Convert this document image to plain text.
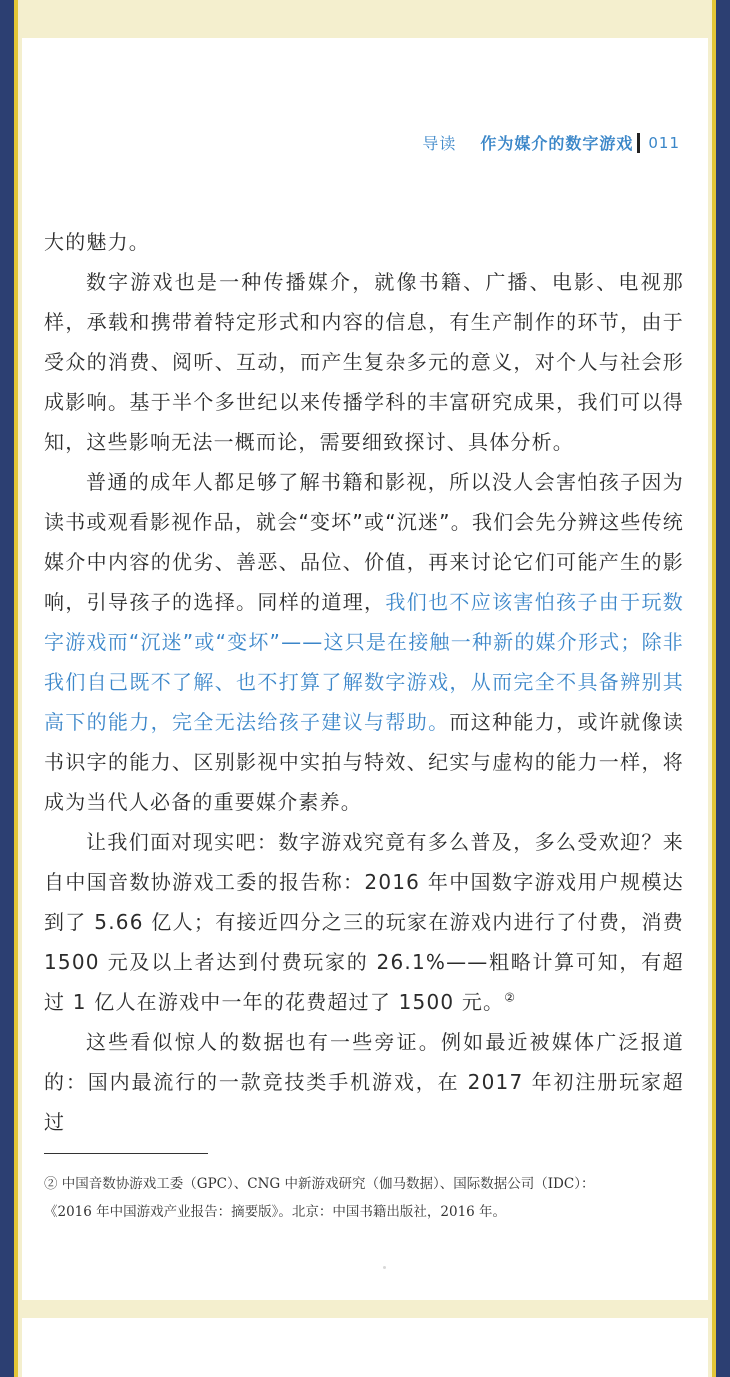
导读 作为媒介的数字游戏 011

大的魅力。

数字游戏也是一种传播媒介，就像书籍、广播、电影、电视那样，承载和携带着特定形式和内容的信息，有生产制作的环节，由于受众的消费、阅听、互动，而产生复杂多元的意义，对个人与社会形成影响。基于半个多世纪以来传播学科的丰富研究成果，我们可以得知，这些影响无法一概而论，需要细致探讨、具体分析。

普通的成年人都足够了解书籍和影视，所以没人会害怕孩子因为读书或观看影视作品，就会“变坏”或“沉迷”。我们会先分辨这些传统媒介中内容的优劣、善恶、品位、价值，再来讨论它们可能产生的影响，引导孩子的选择。同样的道理，我们也不应该害怕孩子由于玩数字游戏而“沉迷”或“变坏”——这只是在接触一种新的媒介形式；除非我们自己既不了解、也不打算了解数字游戏，从而完全不具备辨别其高下的能力，完全无法给孩子建议与帮助。而这种能力，或许就像读书识字的能力、区别影视中实拍与特效、纪实与虚构的能力一样，将成为当代人必备的重要媒介素养。

让我们面对现实吧：数字游戏究竟有多么普及，多么受欢迎？来自中国音数协游戏工委的报告称：2016 年中国数字游戏用户规模达到了 5.66 亿人；有接近四分之三的玩家在游戏内进行了付费，消费 1500 元及以上者达到付费玩家的 26.1%——粗略计算可知，有超过 1 亿人在游戏中一年的花费超过了 1500 元。②

这些看似惊人的数据也有一些旁证。例如最近被媒体广泛报道的：国内最流行的一款竞技类手机游戏，在 2017 年初注册玩家超过

② 中国音数协游戏工委（GPC）、CNG 中新游戏研究（伽马数据）、国际数据公司（IDC）：

《2016 年中国游戏产业报告：摘要版》。北京：中国书籍出版社，2016 年。
